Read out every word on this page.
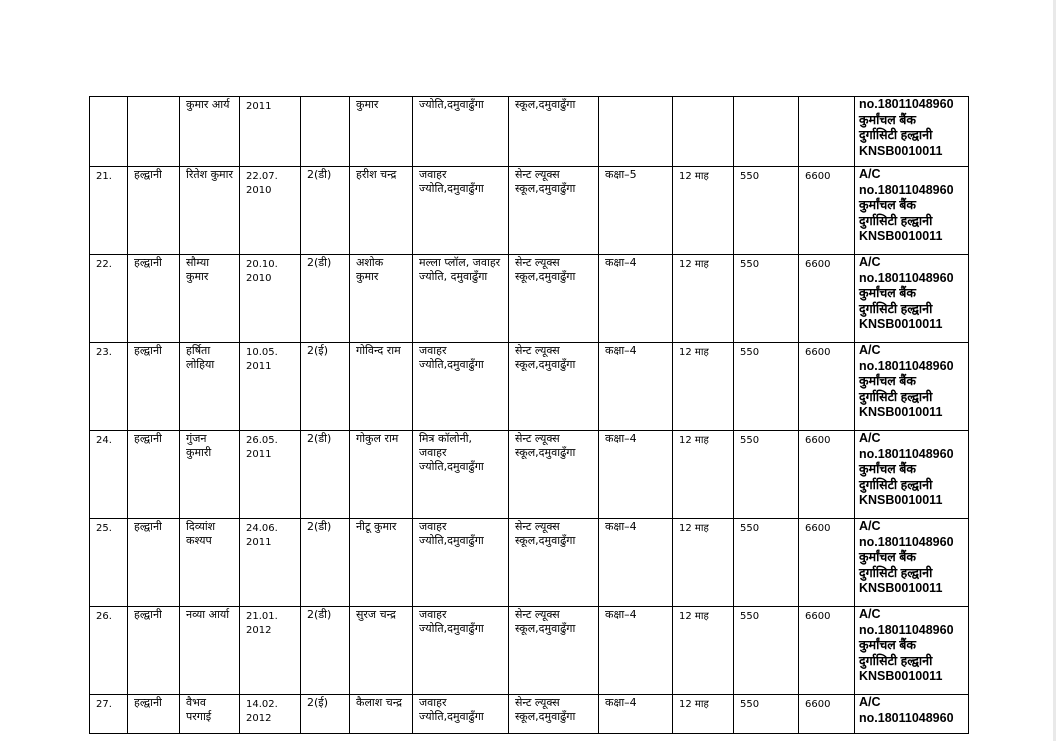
		कुमार आर्य	2011		कुमार	ज्योति,दमुवाढुँगा	स्कूल,दमुवाढुँगा					no.18011048960
कुर्मांचल बैंक
दुर्गासिटी हल्द्वानी
KNSB0010011

21.	हल्द्वानी	रितेश कुमार	22.07. 2010	2(डी)	हरीश चन्द्र	जवाहर ज्योति,दमुवाढुँगा	सेन्ट ल्यूक्स स्कूल,दमुवाढुँगा	कक्षा–5	12 माह	550	6600	A/C
no.18011048960
कुर्मांचल बैंक
दुर्गासिटी हल्द्वानी
KNSB0010011

22.	हल्द्वानी	सौम्या कुमार	20.10. 2010	2(डी)	अशोक कुमार	मल्ला प्लॉल, जवाहर ज्योति, दमुवाढुँगा	सेन्ट ल्यूक्स स्कूल,दमुवाढुँगा	कक्षा–4	12 माह	550	6600	A/C
no.18011048960
कुर्मांचल बैंक
दुर्गासिटी हल्द्वानी
KNSB0010011

23.	हल्द्वानी	हर्षिता लोहिया	10.05. 2011	2(ई)	गोविन्द राम	जवाहर ज्योति,दमुवाढुँगा	सेन्ट ल्यूक्स स्कूल,दमुवाढुँगा	कक्षा–4	12 माह	550	6600	A/C
no.18011048960
कुर्मांचल बैंक
दुर्गासिटी हल्द्वानी
KNSB0010011

24.	हल्द्वानी	गुंजन कुमारी	26.05. 2011	2(डी)	गोकुल राम	मित्र कॉलोनी, जवाहर ज्योति,दमुवाढुँगा	सेन्ट ल्यूक्स स्कूल,दमुवाढुँगा	कक्षा–4	12 माह	550	6600	A/C
no.18011048960
कुर्मांचल बैंक
दुर्गासिटी हल्द्वानी
KNSB0010011

25.	हल्द्वानी	दिव्यांश कश्यप	24.06. 2011	2(डी)	नीटू कुमार	जवाहर ज्योति,दमुवाढुँगा	सेन्ट ल्यूक्स स्कूल,दमुवाढुँगा	कक्षा–4	12 माह	550	6600	A/C
no.18011048960
कुर्मांचल बैंक
दुर्गासिटी हल्द्वानी
KNSB0010011

26.	हल्द्वानी	नव्या आर्या	21.01. 2012	2(डी)	सुरज चन्द्र	जवाहर ज्योति,दमुवाढुँगा	सेन्ट ल्यूक्स स्कूल,दमुवाढुँगा	कक्षा–4	12 माह	550	6600	A/C
no.18011048960
कुर्मांचल बैंक
दुर्गासिटी हल्द्वानी
KNSB0010011

27.	हल्द्वानी	वैभव परगाई	14.02. 2012	2(ई)	कैलाश चन्द्र	जवाहर ज्योति,दमुवाढुँगा	सेन्ट ल्यूक्स स्कूल,दमुवाढुँगा	कक्षा–4	12 माह	550	6600	A/C
no.18011048960
